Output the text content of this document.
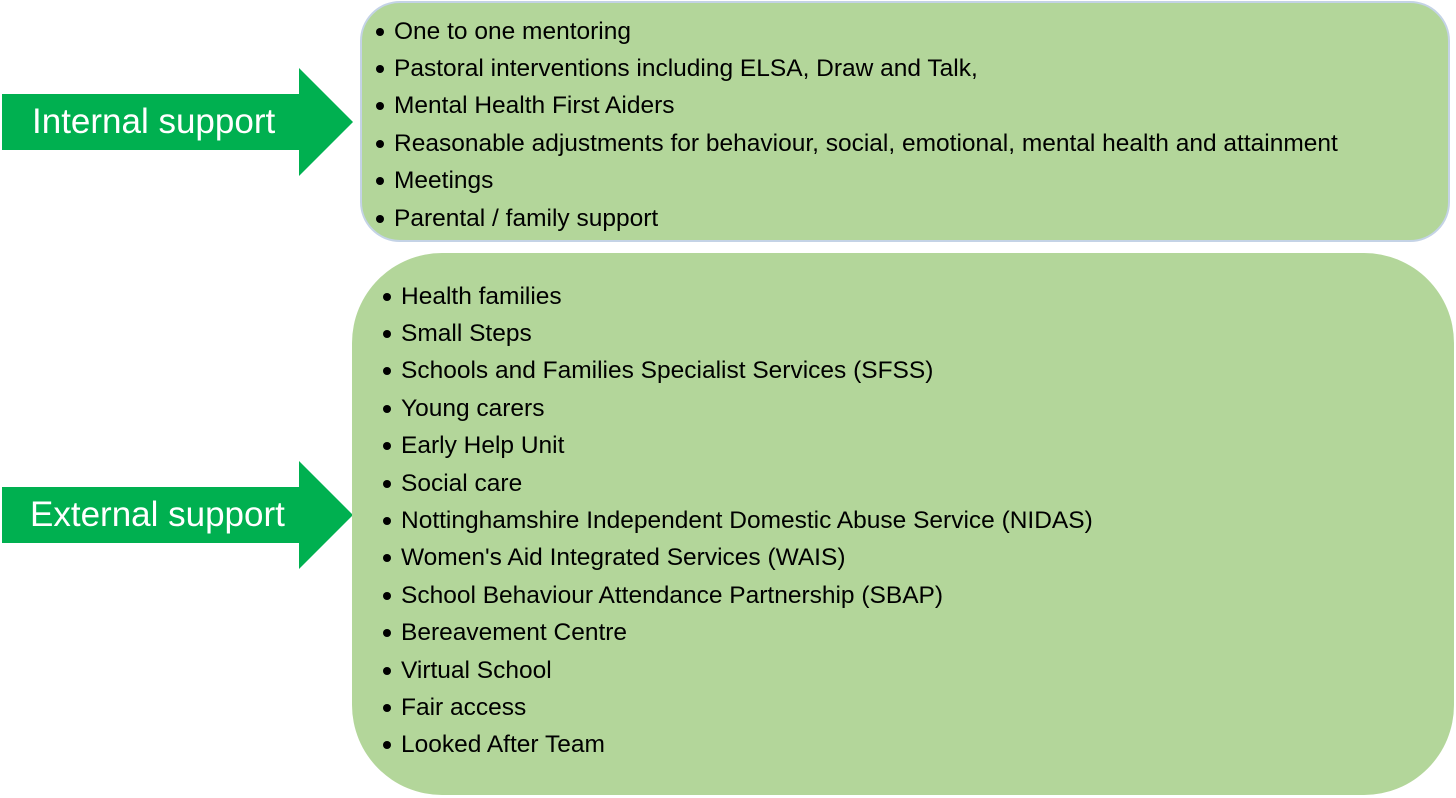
Internal support
One to one mentoring
Pastoral interventions including ELSA, Draw and Talk,
Mental Health First Aiders
Reasonable adjustments for behaviour, social, emotional, mental health and attainment
Meetings
Parental / family support
External support
Health families
Small Steps
Schools and Families Specialist Services (SFSS)
Young carers
Early Help Unit
Social care
Nottinghamshire Independent Domestic Abuse Service (NIDAS)
Women's Aid Integrated Services (WAIS)
School Behaviour Attendance Partnership (SBAP)
Bereavement Centre
Virtual School
Fair access
Looked After Team
